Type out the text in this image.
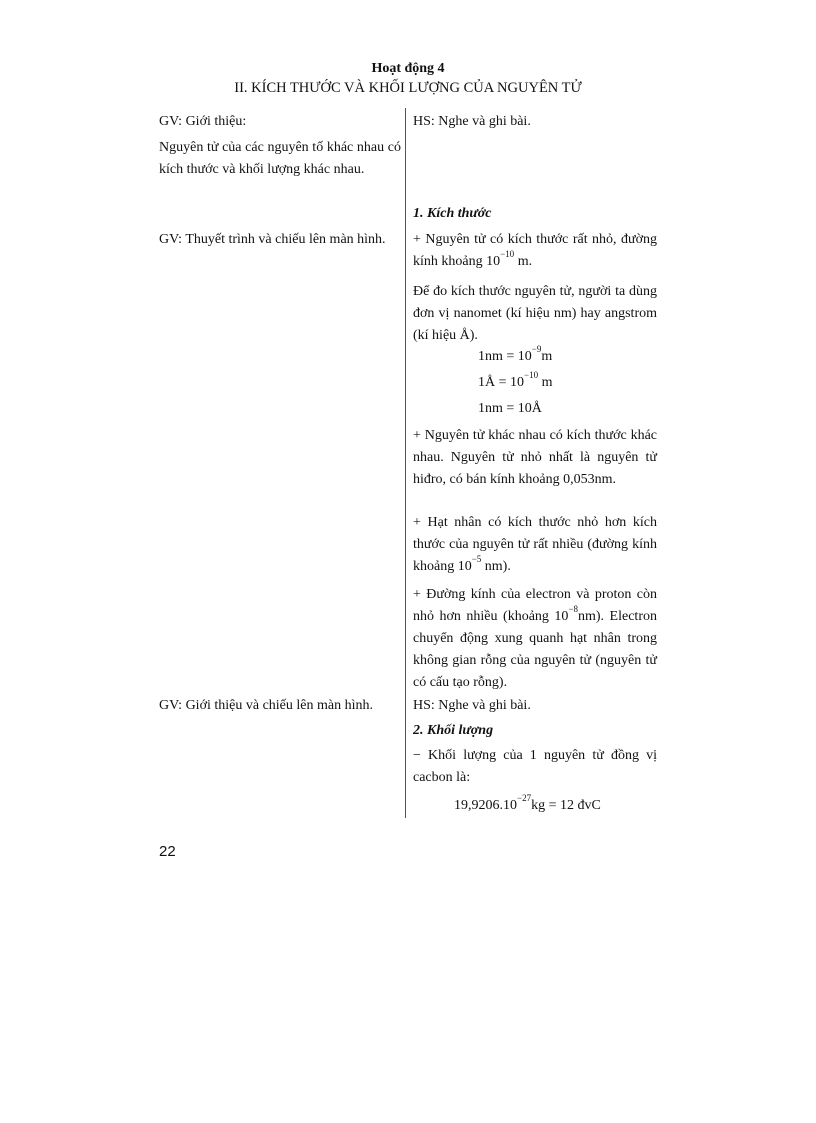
Hoạt động 4
II. KÍCH THƯỚC VÀ KHỐI LƯỢNG CỦA NGUYÊN TỬ
GV: Giới thiệu:
Nguyên tử của các nguyên tố khác nhau có kích thước và khối lượng khác nhau.
GV: Thuyết trình và chiếu lên màn hình.
GV: Giới thiệu và chiếu lên màn hình.
HS: Nghe và ghi bài.
1. Kích thước
+ Nguyên tử có kích thước rất nhỏ, đường kính khoảng $10^{-10}$ m.
Để đo kích thước nguyên tử, người ta dùng đơn vị nanomet (kí hiệu nm) hay angstrom (kí hiệu Å).
$1nm = 10^{-9}m$
1Å = $10^{-10}$ m
1nm = 10Å
+ Nguyên tử khác nhau có kích thước khác nhau. Nguyên tử nhỏ nhất là nguyên tử hiđro, có bán kính khoảng 0,053nm.
+ Hạt nhân có kích thước nhỏ hơn kích thước của nguyên tử rất nhiều (đường kính khoảng $10^{-5}$ nm).
+ Đường kính của electron và proton còn nhỏ hơn nhiều (khoảng $10^{-8}nm$). Electron chuyển động xung quanh hạt nhân trong không gian rỗng của nguyên tử (nguyên tử có cấu tạo rỗng).
HS: Nghe và ghi bài.
2. Khối lượng
− Khối lượng của 1 nguyên tử đồng vị cacbon là:
$19,9206.10^{-27}kg = 12$ đvC
22
